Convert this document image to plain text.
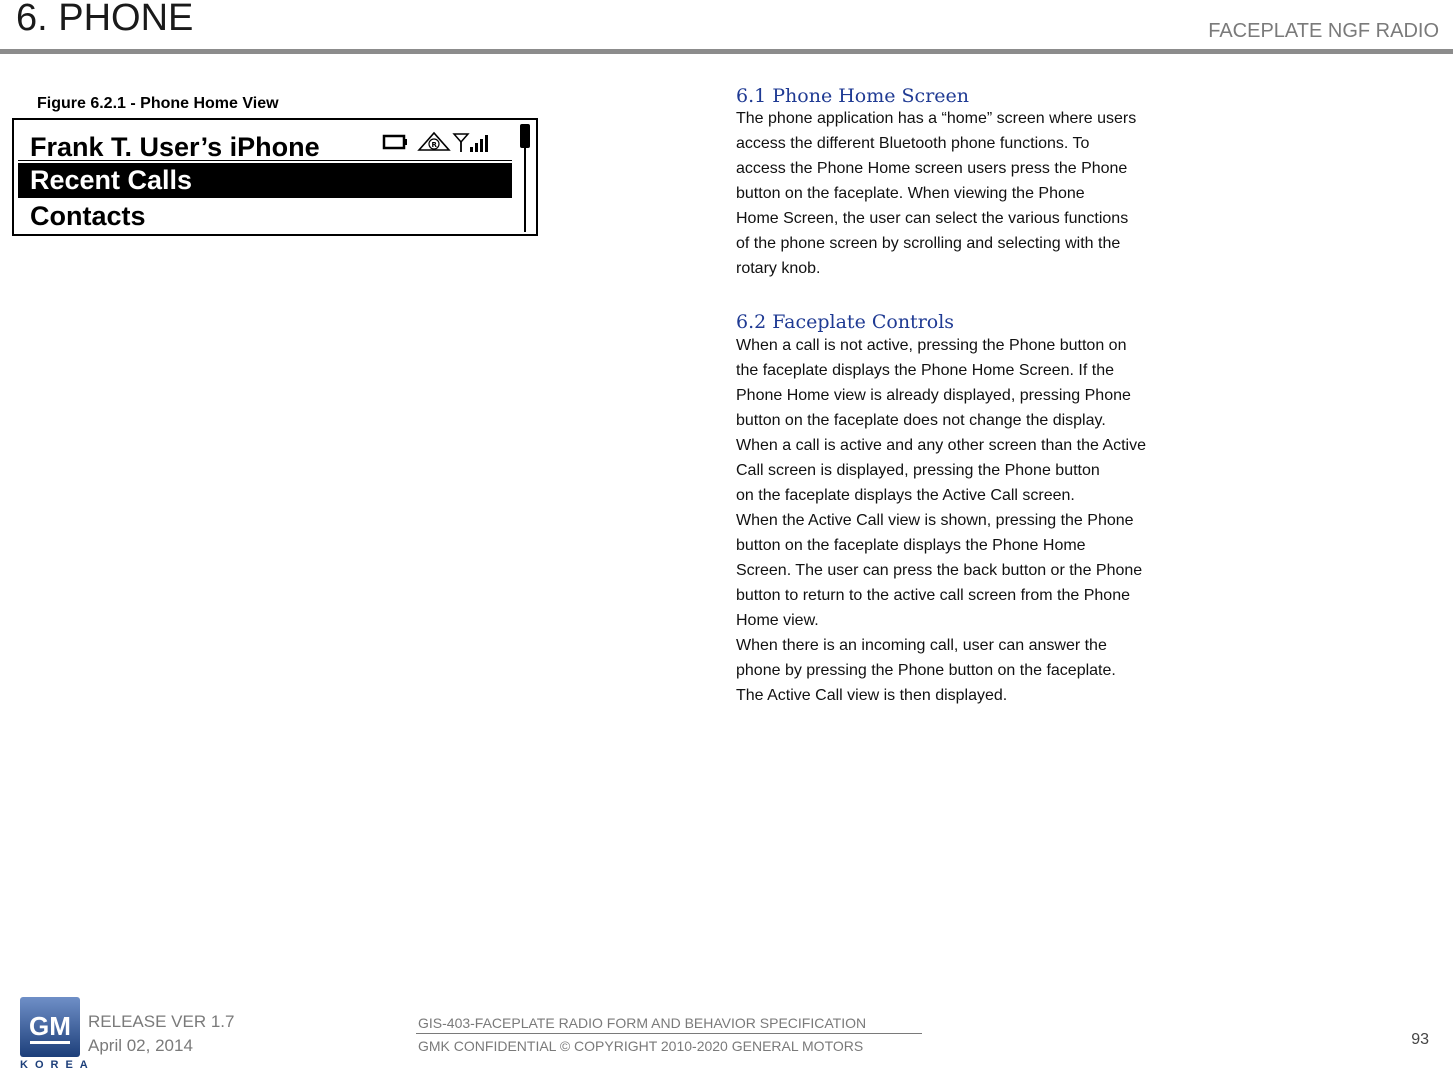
6. PHONE	FACEPLATE NGF RADIO
Figure 6.2.1 - Phone Home View
Frank T. User’s iPhone	R
Recent Calls
Contacts
6.1 Phone Home Screen
The phone application has a “home” screen where users
access the different Bluetooth phone functions. To
access the Phone Home screen users press the Phone
button on the faceplate. When viewing the Phone
Home Screen, the user can select the various functions
of the phone screen by scrolling and selecting with the
rotary knob.
6.2 Faceplate Controls
When a call is not active, pressing the Phone button on
the faceplate displays the Phone Home Screen. If the
Phone Home view is already displayed, pressing Phone
button on the faceplate does not change the display.
When a call is active and any other screen than the Active
Call screen is displayed, pressing the Phone button
on the faceplate displays the Active Call screen.
When the Active Call view is shown, pressing the Phone
button on the faceplate displays the Phone Home
Screen. The user can press the back button or the Phone
button to return to the active call screen from the Phone
Home view.
When there is an incoming call, user can answer the
phone by pressing the Phone button on the faceplate.
The Active Call view is then displayed.
GM
KOREA
RELEASE VER 1.7
April 02, 2014
GIS-403-FACEPLATE RADIO FORM AND BEHAVIOR SPECIFICATION
GMK CONFIDENTIAL © COPYRIGHT 2010-2020 GENERAL MOTORS	93
